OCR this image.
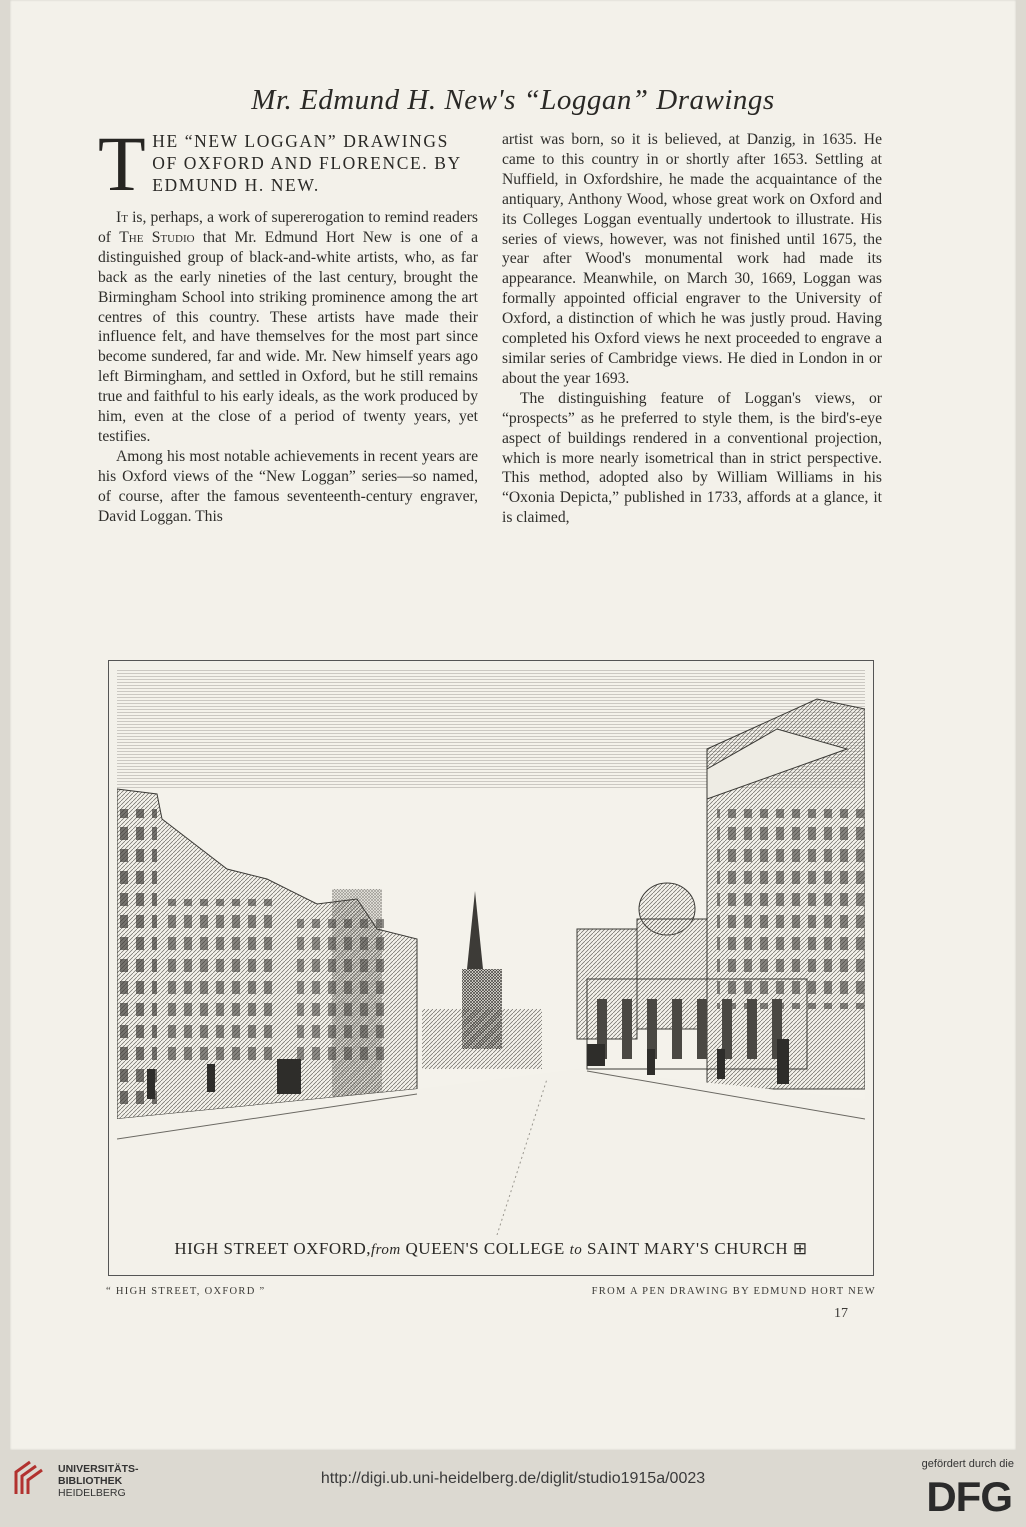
Mr. Edmund H. New's “Loggan” Drawings
THE “NEW LOGGAN” DRAWINGS OF OXFORD AND FLORENCE. BY EDMUND H. NEW.

It is, perhaps, a work of supererogation to remind readers of The Studio that Mr. Edmund Hort New is one of a distinguished group of black-and-white artists, who, as far back as the early nineties of the last century, brought the Birmingham School into striking prominence among the art centres of this country. These artists have made their influence felt, and have themselves for the most part since become sundered, far and wide. Mr. New himself years ago left Birmingham, and settled in Oxford, but he still remains true and faithful to his early ideals, as the work produced by him, even at the close of a period of twenty years, yet testifies.

Among his most notable achievements in recent years are his Oxford views of the “New Loggan” series—so named, of course, after the famous seventeenth-century engraver, David Loggan. This

artist was born, so it is believed, at Danzig, in 1635. He came to this country in or shortly after 1653. Settling at Nuffield, in Oxfordshire, he made the acquaintance of the antiquary, Anthony Wood, whose great work on Oxford and its Colleges Loggan eventually undertook to illustrate. His series of views, however, was not finished until 1675, the year after Wood's monumental work had made its appearance. Meanwhile, on March 30, 1669, Loggan was formally appointed official engraver to the University of Oxford, a distinction of which he was justly proud. Having completed his Oxford views he next proceeded to engrave a similar series of Cambridge views. He died in London in or about the year 1693.

The distinguishing feature of Loggan's views, or “prospects” as he preferred to style them, is the bird's-eye aspect of buildings rendered in a conventional projection, which is more nearly isometrical than in strict perspective. This method, adopted also by William Williams in his “Oxonia Depicta,” published in 1733, affords at a glance, it is claimed,

HIGH STREET OXFORD,from QUEEN'S COLLEGE to SAINT MARY'S CHURCH ⊞
“ HIGH STREET, OXFORD ”	FROM A PEN DRAWING BY EDMUND HORT NEW
17
UNIVERSITÄTS-
BIBLIOTHEK
HEIDELBERG
http://digi.ub.uni-heidelberg.de/diglit/studio1915a/0023
gefördert durch die
DFG
